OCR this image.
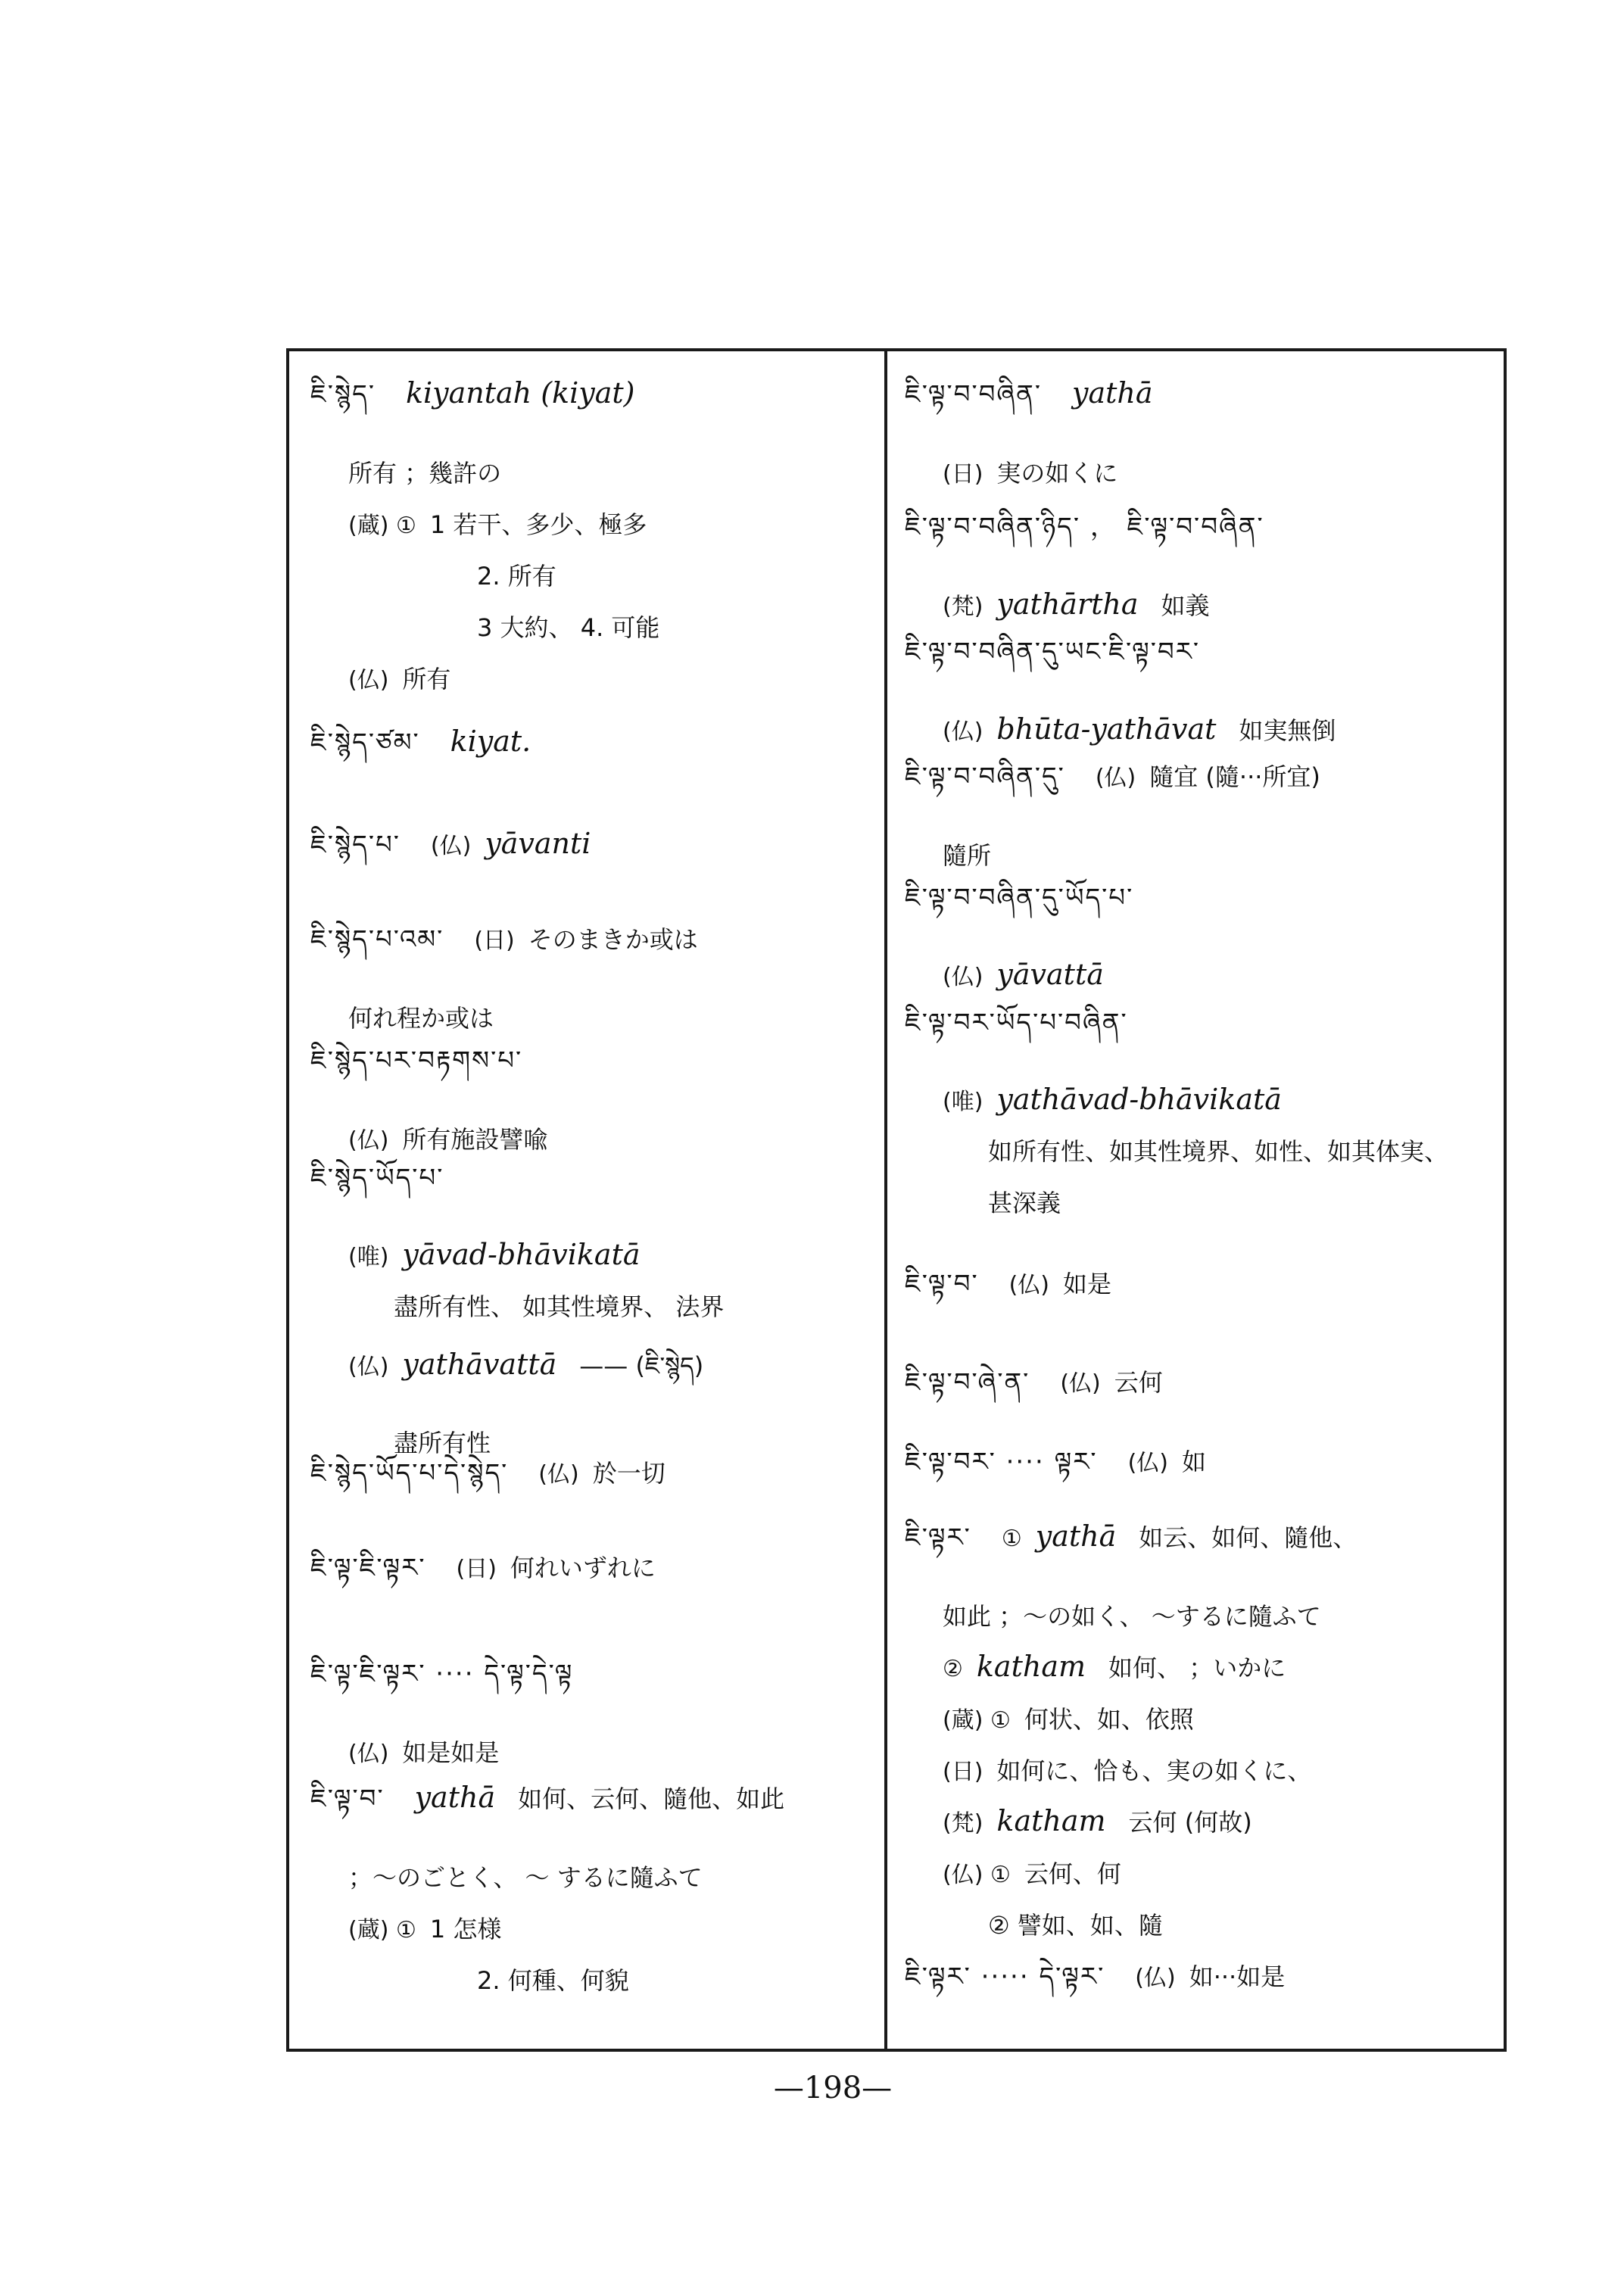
ཇི་སྙེད་ kiyantah (kiyat)
所有 ；幾許の
(蔵) ① 1 若干、多少、極多
2. 所有
3 大約、 4. 可能
(仏) 所有
ཇི་སྙེད་ཙམ་ kiyat.
ཇི་སྙེད་པ་ (仏) yāvanti
ཇི་སྙེད་པ་འམ་ (日) そのまきか或は
何れ程か或は
ཇི་སྙེད་པར་བརྟགས་པ་
(仏) 所有施設譬喩
ཇི་སྙེད་ཡོད་པ་
(唯) yāvad-bhāvikatā
盡所有性、 如其性境界、 法界
(仏)yathāvattā —— (ཇི་སྙེད)
盡所有性
ཇི་སྙེད་ཡོད་པ་དེ་སྙེད་ (仏) 於一切
ཇི་ལྟ་ཇི་ལྟར་ (日) 何れいずれに
ཇི་ལྟ་ཇི་ལྟར་ ···· དེ་ལྟ་དེ་ལྟ
(仏) 如是如是
ཇི་ལྟ་བ་ yathā 如何、云何、隨他、如此
；～のごとく、 ～ するに隨ふて
(蔵) ① 1 怎様
2. 何種、何貌
ཇི་ལྟ་བ་བཞིན་ yathā
(日) 実の如くに
ཇི་ལྟ་བ་བཞིན་ཉིད་ ， ཇི་ལྟ་བ་བཞིན་
(梵) yathārtha 如義
ཇི་ལྟ་བ་བཞིན་དུ་ཡང་ཇི་ལྟ་བར་
(仏) bhūta-yathāvat 如実無倒
ཇི་ལྟ་བ་བཞིན་དུ་ (仏) 隨宜 (隨···所宜)
隨所
ཇི་ལྟ་བ་བཞིན་དུ་ཡོད་པ་
(仏) yāvattā
ཇི་ལྟ་བར་ཡོད་པ་བཞིན་
(唯) yathāvad-bhāvikatā
如所有性、如其性境界、如性、如其体実、
甚深義
ཇི་ལྟ་བ་ (仏) 如是
ཇི་ལྟ་བ་ཞེ་ན་ (仏) 云何
ཇི་ལྟ་བར་ ···· ལྟར་ (仏) 如
ཇི་ལྟར་ ① yathā 如云、如何、隨他、
如此 ；～の如く、 ～するに隨ふて
② katham 如何、 ；いかに
(蔵) ① 何状、如、依照
(日) 如何に、恰も、実の如くに、
(梵) katham 云何 (何故)
(仏) ① 云何、何
② 譬如、如、隨
ཇི་ལྟར་ ····· དེ་ལྟར་ (仏) 如···如是
—198—
